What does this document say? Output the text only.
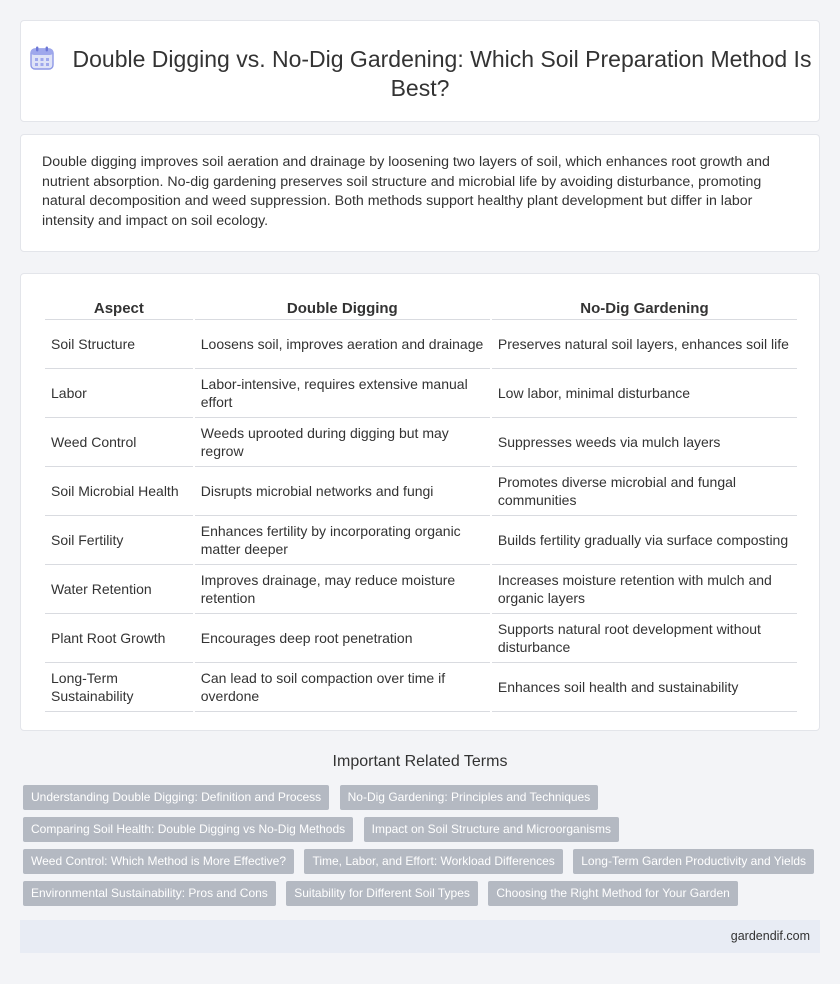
Double Digging vs. No-Dig Gardening: Which Soil Preparation Method Is Best?

Double digging improves soil aeration and drainage by loosening two layers of soil, which enhances root growth and nutrient absorption. No-dig gardening preserves soil structure and microbial life by avoiding disturbance, promoting natural decomposition and weed suppression. Both methods support healthy plant development but differ in labor intensity and impact on soil ecology.

Aspect	Double Digging	No-Dig Gardening
Soil Structure	Loosens soil, improves aeration and drainage	Preserves natural soil layers, enhances soil life
Labor	Labor-intensive, requires extensive manual effort	Low labor, minimal disturbance
Weed Control	Weeds uprooted during digging but may regrow	Suppresses weeds via mulch layers
Soil Microbial Health	Disrupts microbial networks and fungi	Promotes diverse microbial and fungal communities
Soil Fertility	Enhances fertility by incorporating organic matter deeper	Builds fertility gradually via surface composting
Water Retention	Improves drainage, may reduce moisture retention	Increases moisture retention with mulch and organic layers
Plant Root Growth	Encourages deep root penetration	Supports natural root development without disturbance
Long-Term Sustainability	Can lead to soil compaction over time if overdone	Enhances soil health and sustainability
Important Related Terms
Understanding Double Digging: Definition and Process No-Dig Gardening: Principles and Techniques
Comparing Soil Health: Double Digging vs No-Dig Methods Impact on Soil Structure and Microorganisms
Weed Control: Which Method is More Effective? Time, Labor, and Effort: Workload Differences Long-Term Garden Productivity and Yields
Environmental Sustainability: Pros and Cons Suitability for Different Soil Types Choosing the Right Method for Your Garden
gardendif.com
